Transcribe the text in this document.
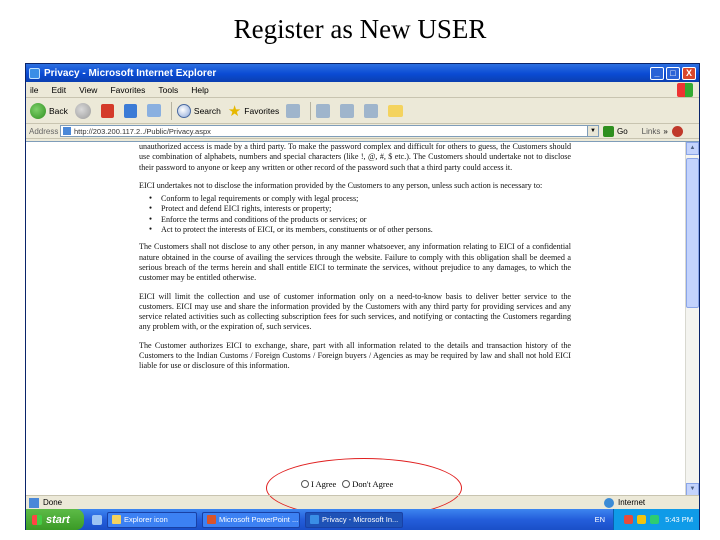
Register as New USER
Privacy - Microsoft Internet Explorer	_	□	X
ile Edit View Favorites Tools Help
Back	Search ★ Favorites
Address http://203.200.117.2../Public/Privacy.aspx	▼	Go Links »

unauthorized access is made by a third party. To make the password complex and difficult for others to guess, the Customers should use combination of alphabets, numbers and special characters (like !, @, #, $ etc.). The Customers should undertake not to disclose their password to anyone or keep any written or other record of the password such that a third party could access it.

EICI undertakes not to disclose the information provided by the Customers to any person, unless such action is necessary to:

● Conform to legal requirements or comply with legal process;
● Protect and defend EICI rights, interests or property;
● Enforce the terms and conditions of the products or services; or
● Act to protect the interests of EICI, or its members, constituents or of other persons.

The Customers shall not disclose to any other person, in any manner whatsoever, any information relating to EICI of a confidential nature obtained in the course of availing the services through the website. Failure to comply with this obligation shall be deemed a serious breach of the terms herein and shall entitle EICI to terminate the services, without prejudice to any damages, to which the customer may be entitled otherwise.

EICI will limit the collection and use of customer information only on a need-to-know basis to deliver better service to the customers. EICI may use and share the information provided by the Customers with any third party for providing services and any service related activities such as collecting subscription fees for such services, and notifying or contacting the Customers regarding any problem with, or the expiration of, such services.

The Customer authorizes EICI to exchange, share, part with all information related to the details and transaction history of the Customers to the Indian Customs / Foreign Customs / Foreign buyers / Agencies as may be required by law and shall not hold EICI liable for use or disclosure of this information.

I Agree Don't Agree
▲
▼
Done	Internet
start	Explorer icon	Microsoft PowerPoint ...	Privacy - Microsoft In...	EN	5:43 PM
